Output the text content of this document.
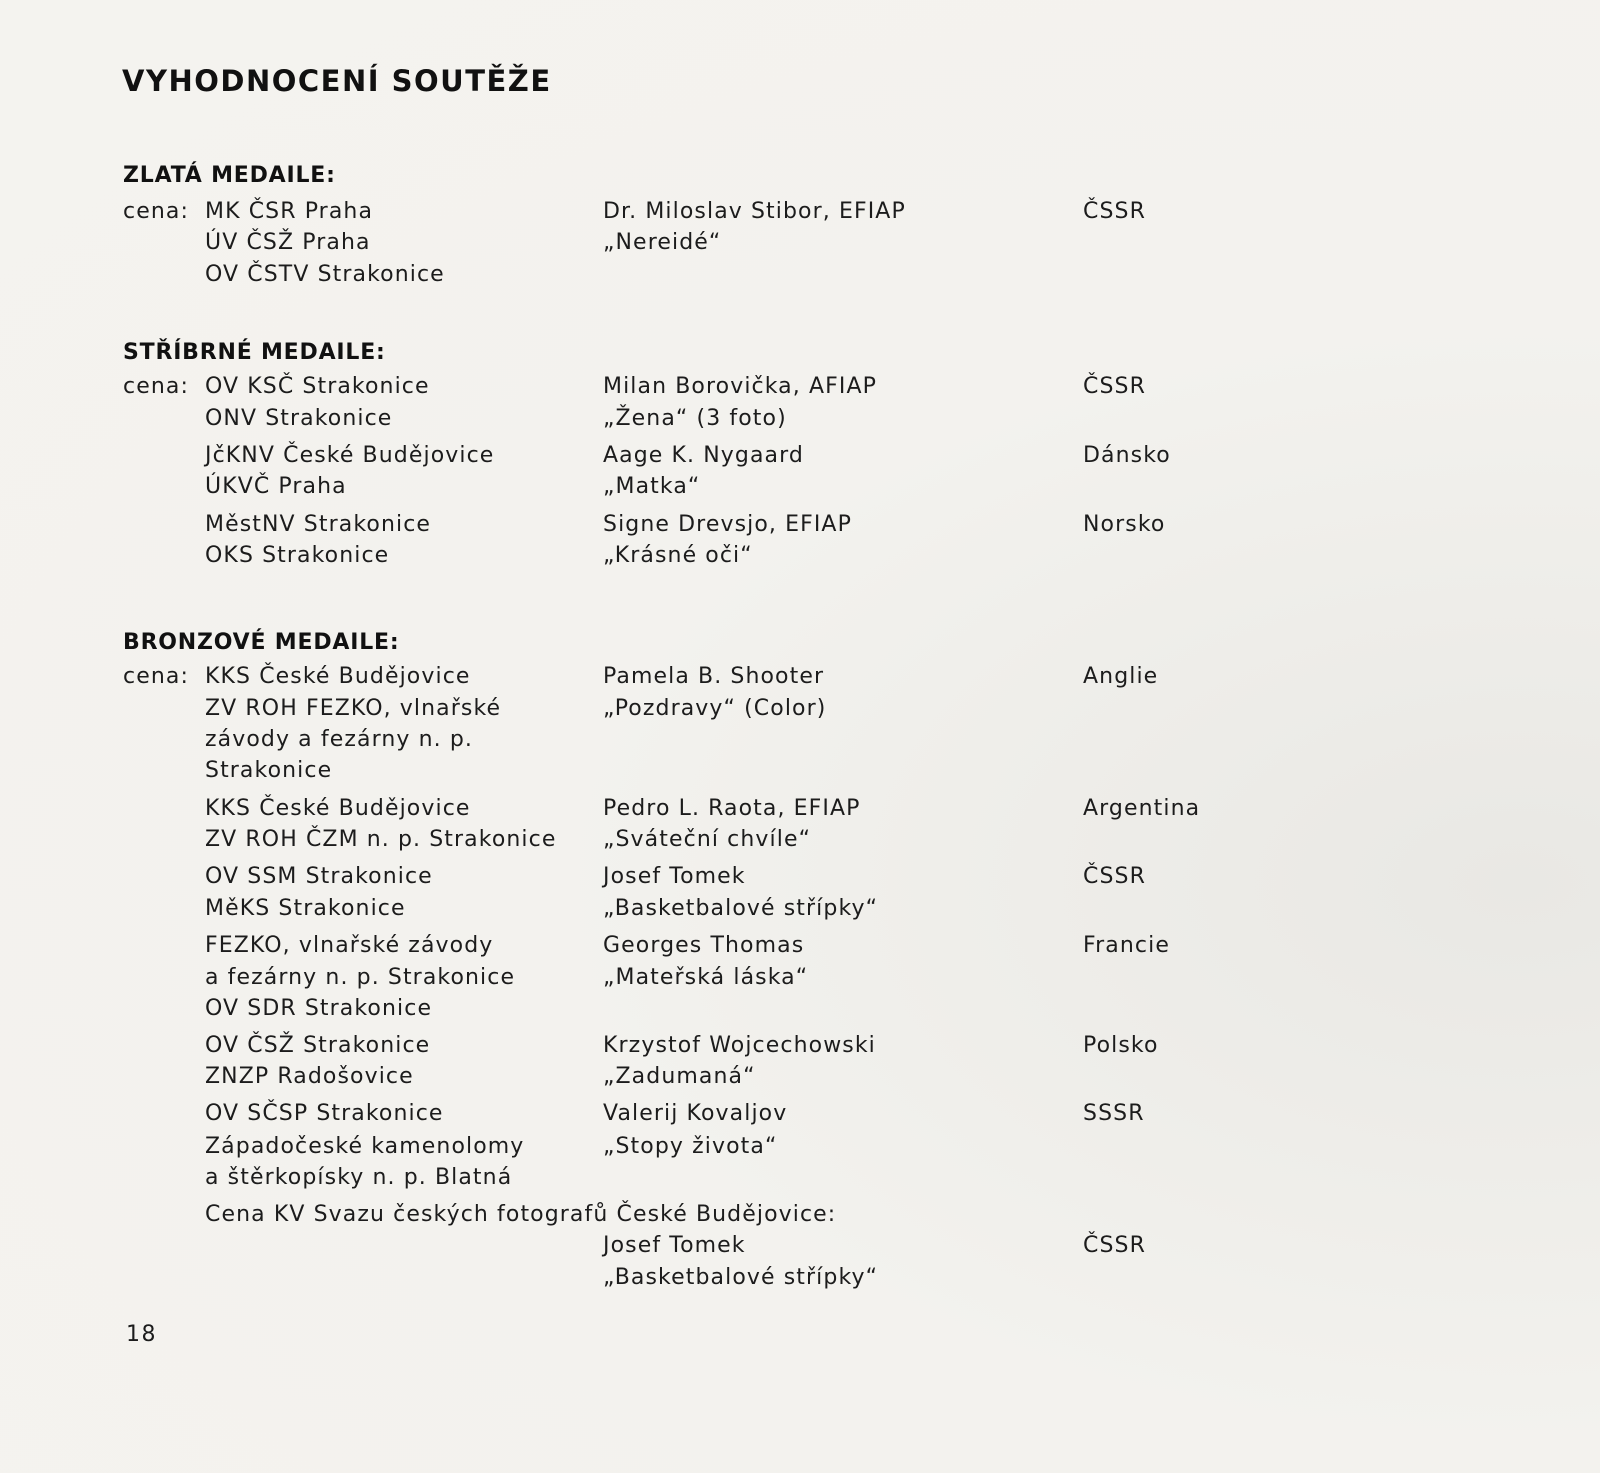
VYHODNOCENÍ SOUTĚŽE
ZLATÁ MEDAILE:
cena: MK ČSR Praha
ÚV ČSŽ Praha
OV ČSTV Strakonice
Dr. Miloslav Stibor, EFIAP
„Nereidé“
ČSSR
STŘÍBRNÉ MEDAILE:
cena: OV KSČ Strakonice
ONV Strakonice
Milan Borovička, AFIAP
„Žena“ (3 foto)
ČSSR
JčKNV České Budějovice
ÚKVČ Praha
Aage K. Nygaard
„Matka“
Dánsko
MěstNV Strakonice
OKS Strakonice
Signe Drevsjo, EFIAP
„Krásné oči“
Norsko
BRONZOVÉ MEDAILE:
cena: KKS České Budějovice
ZV ROH FEZKO, vlnařské
závody a fezárny n. p.
Strakonice
Pamela B. Shooter
„Pozdravy“ (Color)
Anglie
KKS České Budějovice
ZV ROH ČZM n. p. Strakonice
Pedro L. Raota, EFIAP
„Sváteční chvíle“
Argentina
OV SSM Strakonice
MěKS Strakonice
Josef Tomek
„Basketbalové střípky“
ČSSR
FEZKO, vlnařské závody
a fezárny n. p. Strakonice
OV SDR Strakonice
Georges Thomas
„Mateřská láska“
Francie
OV ČSŽ Strakonice
ZNZP Radošovice
Krzystof Wojcechowski
„Zadumaná“
Polsko
OV SČSP Strakonice
Západočeské kamenolomy
a štěrkopísky n. p. Blatná
Valerij Kovaljov
„Stopy života“
SSSR
Cena KV Svazu českých fotografů České Budějovice:
Josef Tomek
„Basketbalové střípky“
ČSSR
18
